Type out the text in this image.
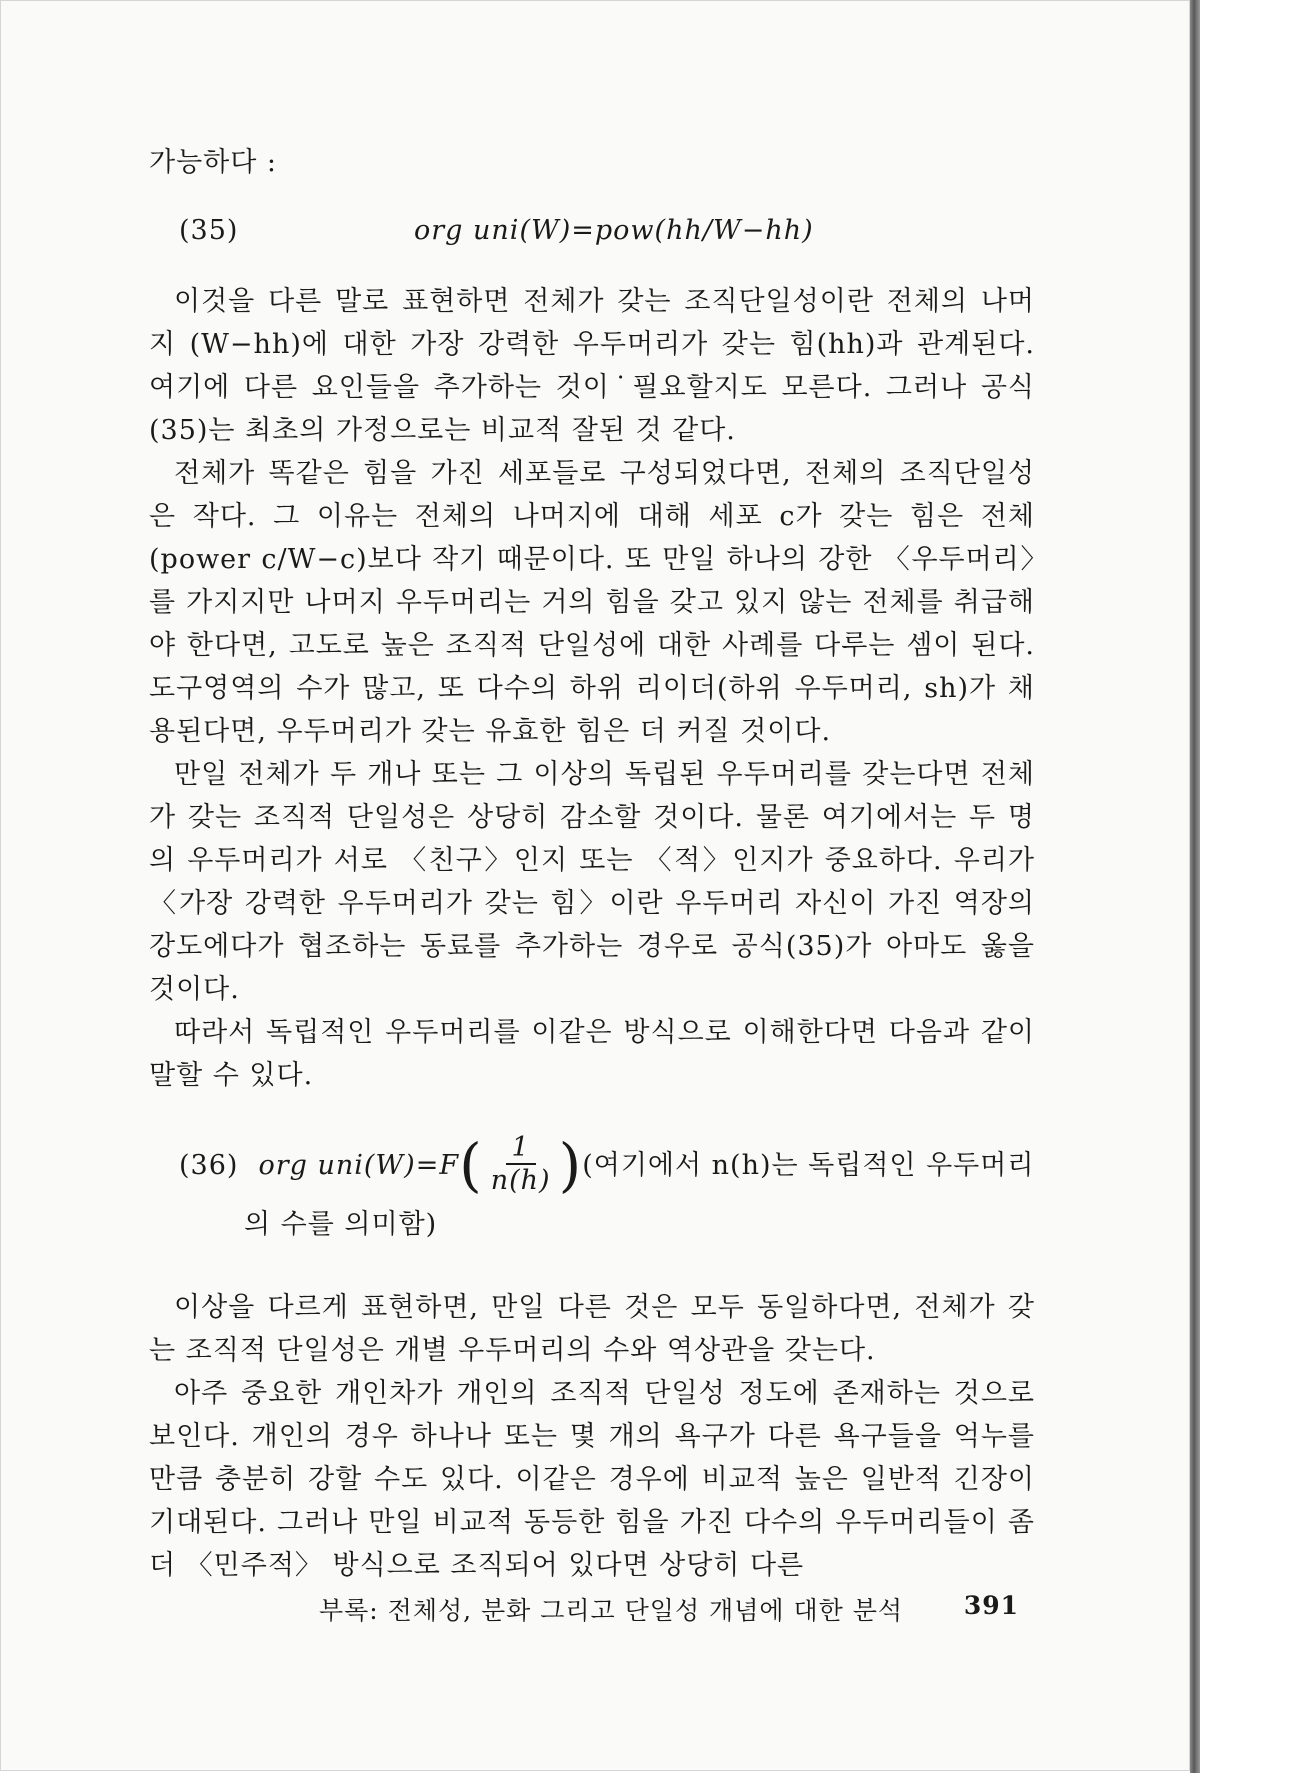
가능하다 :

(35)	org uni(W)=pow(hh/W−hh)

이것을 다른 말로 표현하면 전체가 갖는 조직단일성이란 전체의 나머지 (W−hh)에 대한 가장 강력한 우두머리가 갖는 힘(hh)과 관계된다. 여기에 다른 요인들을 추가하는 것이˙필요할지도 모른다. 그러나 공식(35)는 최초의 가정으로는 비교적 잘된 것 같다.

전체가 똑같은 힘을 가진 세포들로 구성되었다면, 전체의 조직단일성은 작다. 그 이유는 전체의 나머지에 대해 세포 c가 갖는 힘은 전체(power c/W−c)보다 작기 때문이다. 또 만일 하나의 강한 〈우두머리〉를 가지지만 나머지 우두머리는 거의 힘을 갖고 있지 않는 전체를 취급해야 한다면, 고도로 높은 조직적 단일성에 대한 사례를 다루는 셈이 된다. 도구영역의 수가 많고, 또 다수의 하위 리이더(하위 우두머리, sh)가 채용된다면, 우두머리가 갖는 유효한 힘은 더 커질 것이다.

만일 전체가 두 개나 또는 그 이상의 독립된 우두머리를 갖는다면 전체가 갖는 조직적 단일성은 상당히 감소할 것이다. 물론 여기에서는 두 명의 우두머리가 서로 〈친구〉인지 또는 〈적〉인지가 중요하다. 우리가 〈가장 강력한 우두머리가 갖는 힘〉이란 우두머리 자신이 가진 역장의 강도에다가 협조하는 동료를 추가하는 경우로 공식(35)가 아마도 옳을 것이다.

따라서 독립적인 우두머리를 이같은 방식으로 이해한다면 다음과 같이 말할 수 있다.

(36) org uni(W)=F ( $\frac{1}{n(h)}$ ) (여기에서 n(h)는 독립적인 우두머리
의 수를 의미함)

이상을 다르게 표현하면, 만일 다른 것은 모두 동일하다면, 전체가 갖는 조직적 단일성은 개별 우두머리의 수와 역상관을 갖는다.

아주 중요한 개인차가 개인의 조직적 단일성 정도에 존재하는 것으로 보인다. 개인의 경우 하나나 또는 몇 개의 욕구가 다른 욕구들을 억누를 만큼 충분히 강할 수도 있다. 이같은 경우에 비교적 높은 일반적 긴장이 기대된다. 그러나 만일 비교적 동등한 힘을 가진 다수의 우두머리들이 좀더 〈민주적〉 방식으로 조직되어 있다면 상당히 다른

부록: 전체성, 분화 그리고 단일성 개념에 대한 분석 391
